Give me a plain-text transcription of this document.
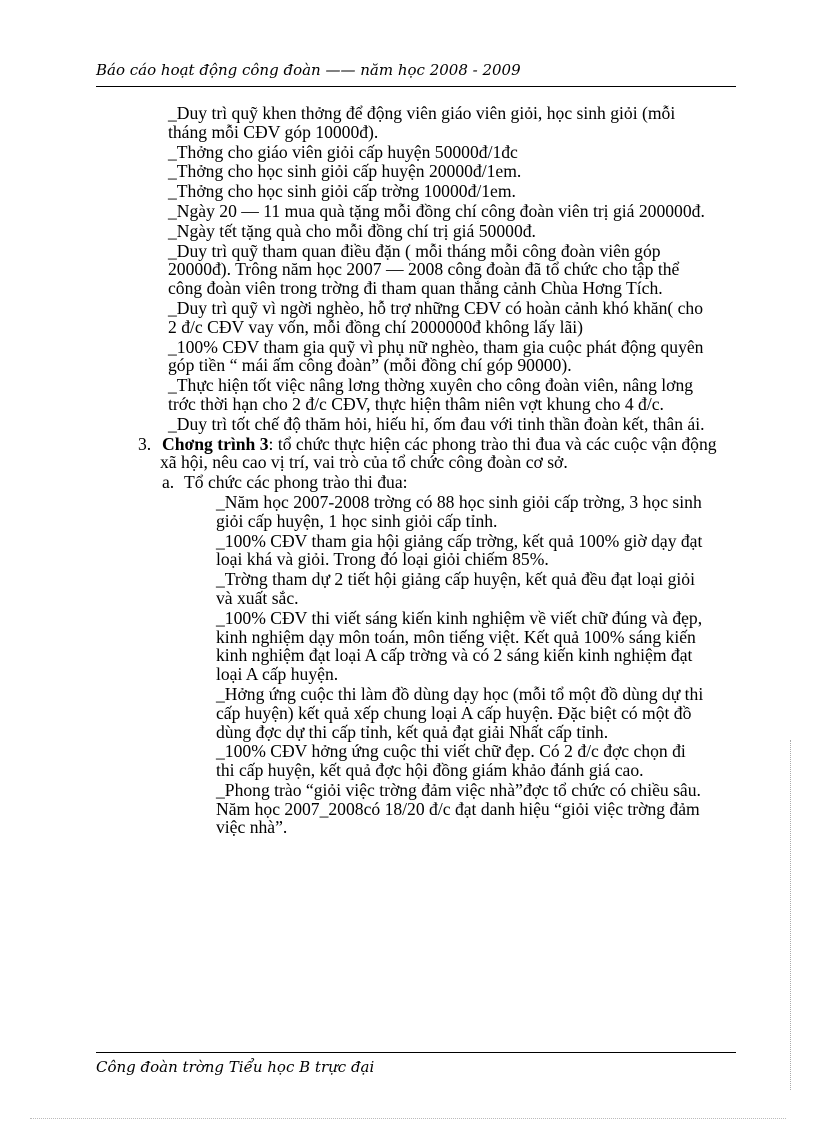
Báo cáo hoạt động công đoàn —— năm học 2008 - 2009

_Duy trì quỹ khen thởng để động viên giáo viên giỏi, học sinh giỏi (mỗi tháng mỗi CĐV góp 10000đ).

_Thởng cho giáo viên giỏi cấp huyện 50000đ/1đc

_Thởng cho học sinh giỏi cấp huyện 20000đ/1em.

_Thởng cho học sinh giỏi cấp trờng 10000đ/1em.

_Ngày 20 — 11 mua quà tặng mỗi đồng chí công đoàn viên trị giá 200000đ.

_Ngày tết tặng quà cho mỗi đồng chí trị giá 50000đ.

_Duy trì quỹ tham quan điều đặn ( mỗi tháng mỗi công đoàn viên góp 20000đ). Trông năm học 2007 — 2008 công đoàn đã tổ chức cho tập thể công đoàn viên trong trờng đi tham quan thắng cảnh Chùa Hơng Tích.

_Duy trì quỹ vì ngời nghèo, hỗ trợ những CĐV có hoàn cảnh khó khăn( cho 2 đ/c CĐV vay vốn, mỗi đồng chí 2000000đ không lấy lãi)

_100% CĐV tham gia quỹ vì phụ nữ nghèo, tham gia cuộc phát động quyên góp tiền “ mái ấm công đoàn” (mỗi đồng chí góp 90000).

_Thực hiện tốt việc nâng lơng thờng xuyên cho công đoàn viên, nâng lơng trớc thời hạn cho 2 đ/c CĐV, thực hiện thâm niên vợt khung cho 4 đ/c.

_Duy trì tốt chế độ thăm hỏi, hiếu hỉ, ốm đau với tinh thần đoàn kết, thân ái.

3. Chơng trình 3: tổ chức thực hiện các phong trào thi đua và các cuộc vận động xã hội, nêu cao vị trí, vai trò của tổ chức công đoàn cơ sở.

a. Tổ chức các phong trào thi đua:

_Năm học 2007-2008 trờng có 88 học sinh giỏi cấp trờng, 3 học sinh giỏi cấp huyện, 1 học sinh giỏi cấp tỉnh.

_100% CĐV tham gia hội giảng cấp trờng, kết quả 100% giờ dạy đạt loại khá và giỏi. Trong đó loại giỏi chiếm 85%.

_Trờng tham dự 2 tiết hội giảng cấp huyện, kết quả đều đạt loại giỏi và xuất sắc.

_100% CĐV thi viết sáng kiến kinh nghiệm về viết chữ đúng và đẹp, kinh nghiệm dạy môn toán, môn tiếng việt. Kết quả 100% sáng kiến kinh nghiệm đạt loại A cấp trờng và có 2 sáng kiến kinh nghiệm đạt loại A cấp huyện.

_Hởng ứng cuộc thi làm đồ dùng dạy học (mỗi tổ một đồ dùng dự thi cấp huyện) kết quả xếp chung loại A cấp huyện. Đặc biệt có một đồ dùng đợc dự thi cấp tỉnh, kết quả đạt giải Nhất cấp tỉnh.

_100% CĐV hởng ứng cuộc thi viết chữ đẹp. Có 2 đ/c đợc chọn đi thi cấp huyện, kết quả đợc hội đồng giám khảo đánh giá cao.

_Phong trào “giỏi việc trờng đảm việc nhà”đợc tổ chức có chiều sâu. Năm học 2007_2008có 18/20 đ/c đạt danh hiệu “giỏi việc trờng đảm việc nhà”.

Công đoàn trờng Tiểu học B trực đại
